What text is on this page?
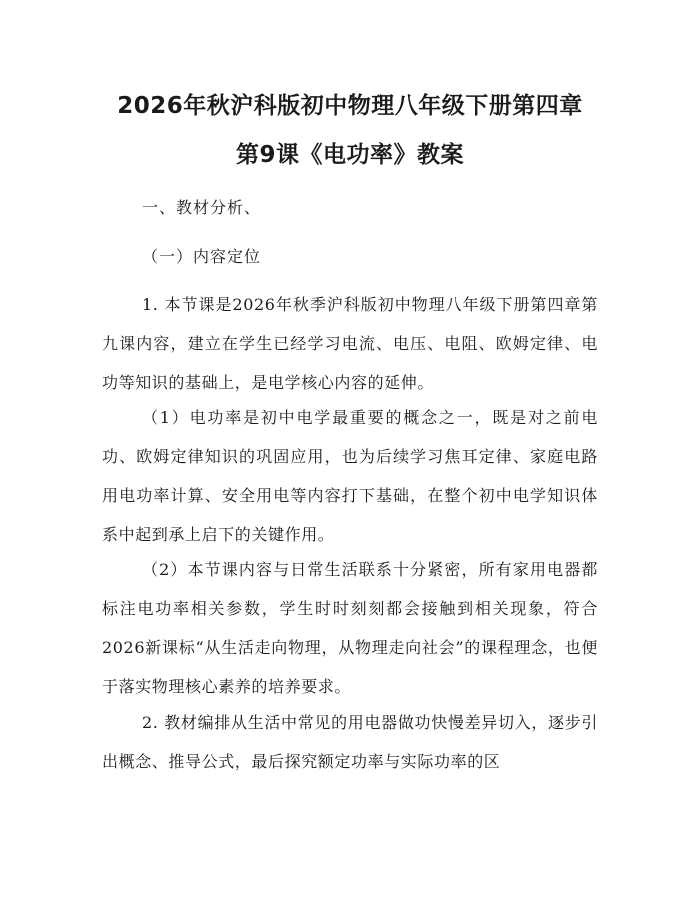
2026年秋沪科版初中物理八年级下册第四章
第9课《电功率》教案
一、教材分析、
（一）内容定位
1. 本节课是2026年秋季沪科版初中物理八年级下册第四章第九课内容，建立在学生已经学习电流、电压、电阻、欧姆定律、电功等知识的基础上，是电学核心内容的延伸。
（1）电功率是初中电学最重要的概念之一，既是对之前电功、欧姆定律知识的巩固应用，也为后续学习焦耳定律、家庭电路用电功率计算、安全用电等内容打下基础，在整个初中电学知识体系中起到承上启下的关键作用。
（2）本节课内容与日常生活联系十分紧密，所有家用电器都标注电功率相关参数，学生时时刻刻都会接触到相关现象，符合2026新课标“从生活走向物理，从物理走向社会”的课程理念，也便于落实物理核心素养的培养要求。
2. 教材编排从生活中常见的用电器做功快慢差异切入，逐步引出概念、推导公式，最后探究额定功率与实际功率的区
